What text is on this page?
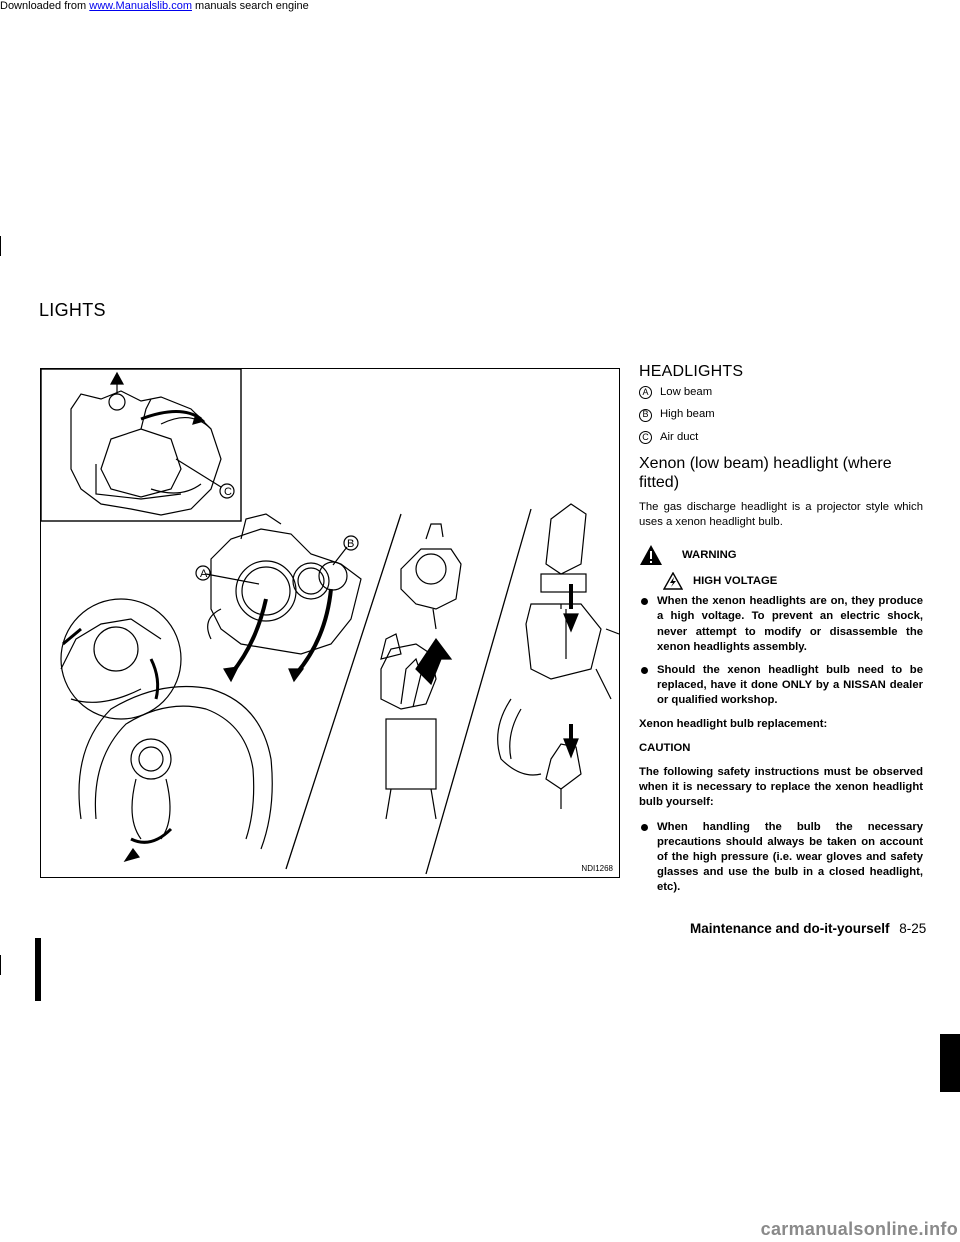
Downloaded from www.Manualslib.com manuals search engine
LIGHTS
C
A
B
NDI1268
HEADLIGHTS
A	Low beam
B	High beam
C Air duct
Xenon (low beam) headlight (where fitted)

The gas discharge headlight is a projector style which uses a xenon headlight bulb.

WARNING
HIGH VOLTAGE
When the xenon headlights are on, they produce a high voltage. To prevent an electric shock, never attempt to modify or disassemble the xenon headlights assembly.
Should the xenon headlight bulb need to be replaced, have it done ONLY by a NISSAN dealer or qualified workshop.

Xenon headlight bulb replacement:

CAUTION

The following safety instructions must be observed when it is necessary to replace the xenon headlight bulb yourself:

When handling the bulb the necessary precautions should always be taken on account of the high pressure (i.e. wear gloves and safety glasses and use the bulb in a closed headlight, etc).
Maintenance and do-it-yourself 8-25
carmanualsonline.info
